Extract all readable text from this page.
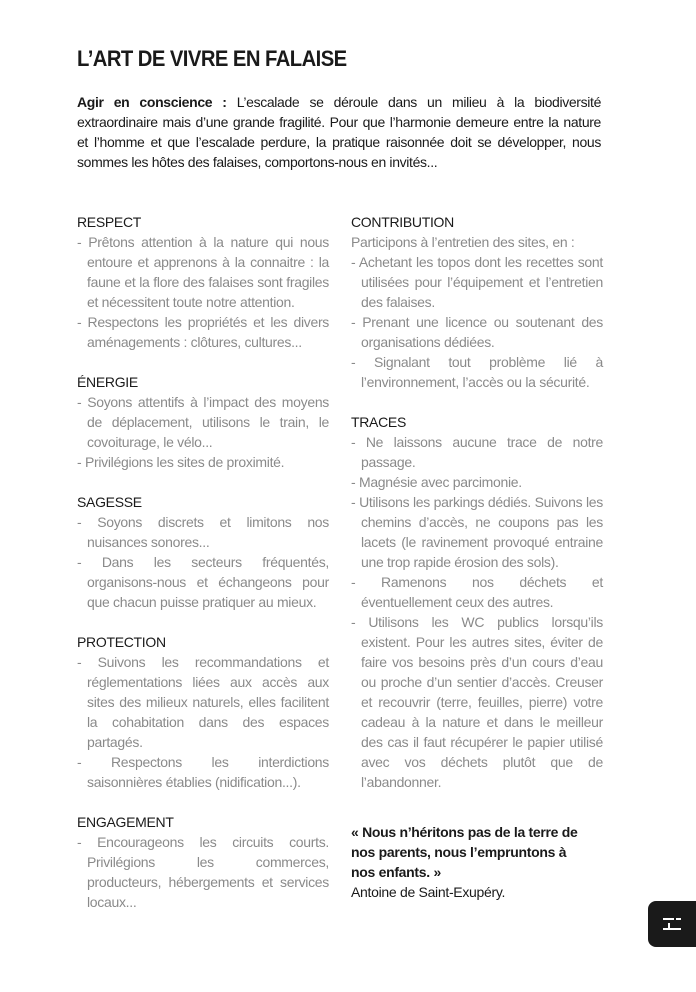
L’ART DE VIVRE EN FALAISE
Agir en conscience : L’escalade se déroule dans un milieu à la biodiversité extraordinaire mais d’une grande fragilité. Pour que l’harmonie demeure entre la nature et l’homme et que l’escalade perdure, la pratique raisonnée doit se développer, nous sommes les hôtes des falaises, comportons-nous en invités...
RESPECT
- Prêtons attention à la nature qui nous entoure et apprenons à la connaitre : la faune et la flore des falaises sont fragiles et nécessitent toute notre attention.
- Respectons les propriétés et les divers aménagements : clôtures, cultures...
ÉNERGIE
- Soyons attentifs à l’impact des moyens de déplacement, utilisons le train, le covoiturage, le vélo...
- Privilégions les sites de proximité.
SAGESSE
- Soyons discrets et limitons nos nuisances sonores...
- Dans les secteurs fréquentés, organisons-nous et échangeons pour que chacun puisse pratiquer au mieux.
PROTECTION
- Suivons les recommandations et réglementations liées aux accès aux sites des milieux naturels, elles facilitent la cohabitation dans des espaces partagés.
- Respectons les interdictions saisonnières établies (nidification...).
ENGAGEMENT
- Encourageons les circuits courts. Privilégions les commerces, producteurs, hébergements et services locaux...
CONTRIBUTION
Participons à l’entretien des sites, en :
- Achetant les topos dont les recettes sont utilisées pour l’équipement et l’entretien des falaises.
- Prenant une licence ou soutenant des organisations dédiées.
- Signalant tout problème lié à l’environnement, l’accès ou la sécurité.
TRACES
- Ne laissons aucune trace de notre passage.
- Magnésie avec parcimonie.
- Utilisons les parkings dédiés. Suivons les chemins d’accès, ne coupons pas les lacets (le ravinement provoqué entraine une trop rapide érosion des sols).
- Ramenons nos déchets et éventuellement ceux des autres.
- Utilisons les WC publics lorsqu’ils existent. Pour les autres sites, éviter de faire vos besoins près d’un cours d’eau ou proche d’un sentier d’accès. Creuser et recouvrir (terre, feuilles, pierre) votre cadeau à la nature et dans le meilleur des cas il faut récupérer le papier utilisé avec vos déchets plutôt que de l’abandonner.
« Nous n’héritons pas de la terre de nos parents, nous l’empruntons à nos enfants. »
Antoine de Saint-Exupéry.
